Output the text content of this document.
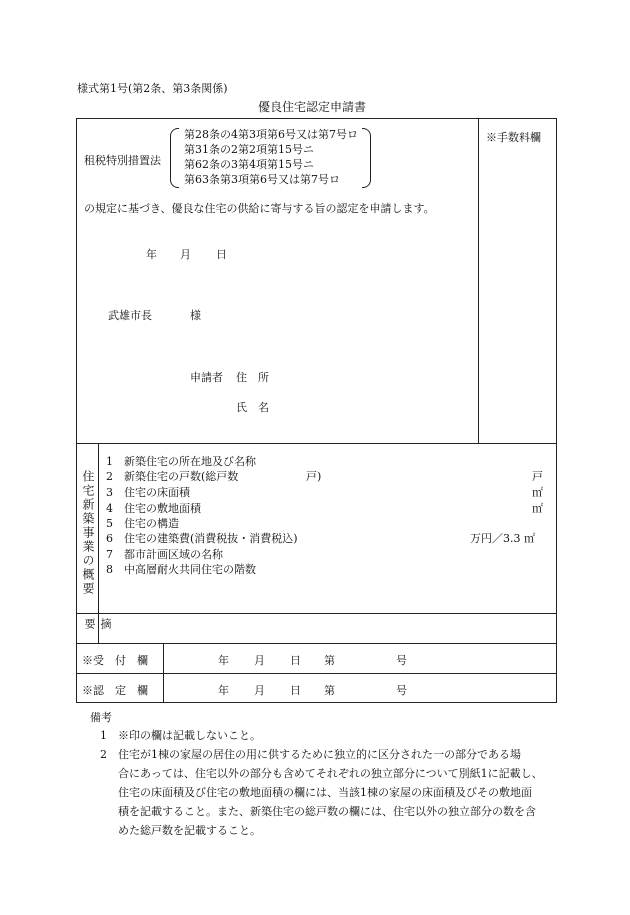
様式第1号(第2条、第3条関係)
優良住宅認定申請書
租税特別措置法
第28条の4第3項第6号又は第7号ロ
第31条の2第2項第15号ニ
第62条の3第4項第15号ニ
第63条第3項第6号又は第7号ロ
※手数料欄
の規定に基づき、優良な住宅の供給に寄与する旨の認定を申請します。
年 月 日
武雄市長	様
申請者 住　所
氏　名
住宅新築事業の概要
1 新築住宅の所在地及び名称
2 新築住宅の戸数(総戸数	戸)	戸
3 住宅の床面積	㎡
4 住宅の敷地面積	㎡
5 住宅の構造
6 住宅の建築費(消費税抜・消費税込)	万円／3.3 ㎡
7 都市計画区域の名称
8 中高層耐火共同住宅の階数
摘要
※受　付　欄	年 月 日 第	号
※認　定　欄	年 月 日 第	号
備考
1　※印の欄は記載しないこと。
2　住宅が1棟の家屋の居住の用に供するために独立的に区分された一の部分である場
合にあっては、住宅以外の部分も含めてそれぞれの独立部分について別紙1に記載し、
住宅の床面積及び住宅の敷地面積の欄には、当該1棟の家屋の床面積及びその敷地面
積を記載すること。また、新築住宅の総戸数の欄には、住宅以外の独立部分の数を含
めた総戸数を記載すること。
